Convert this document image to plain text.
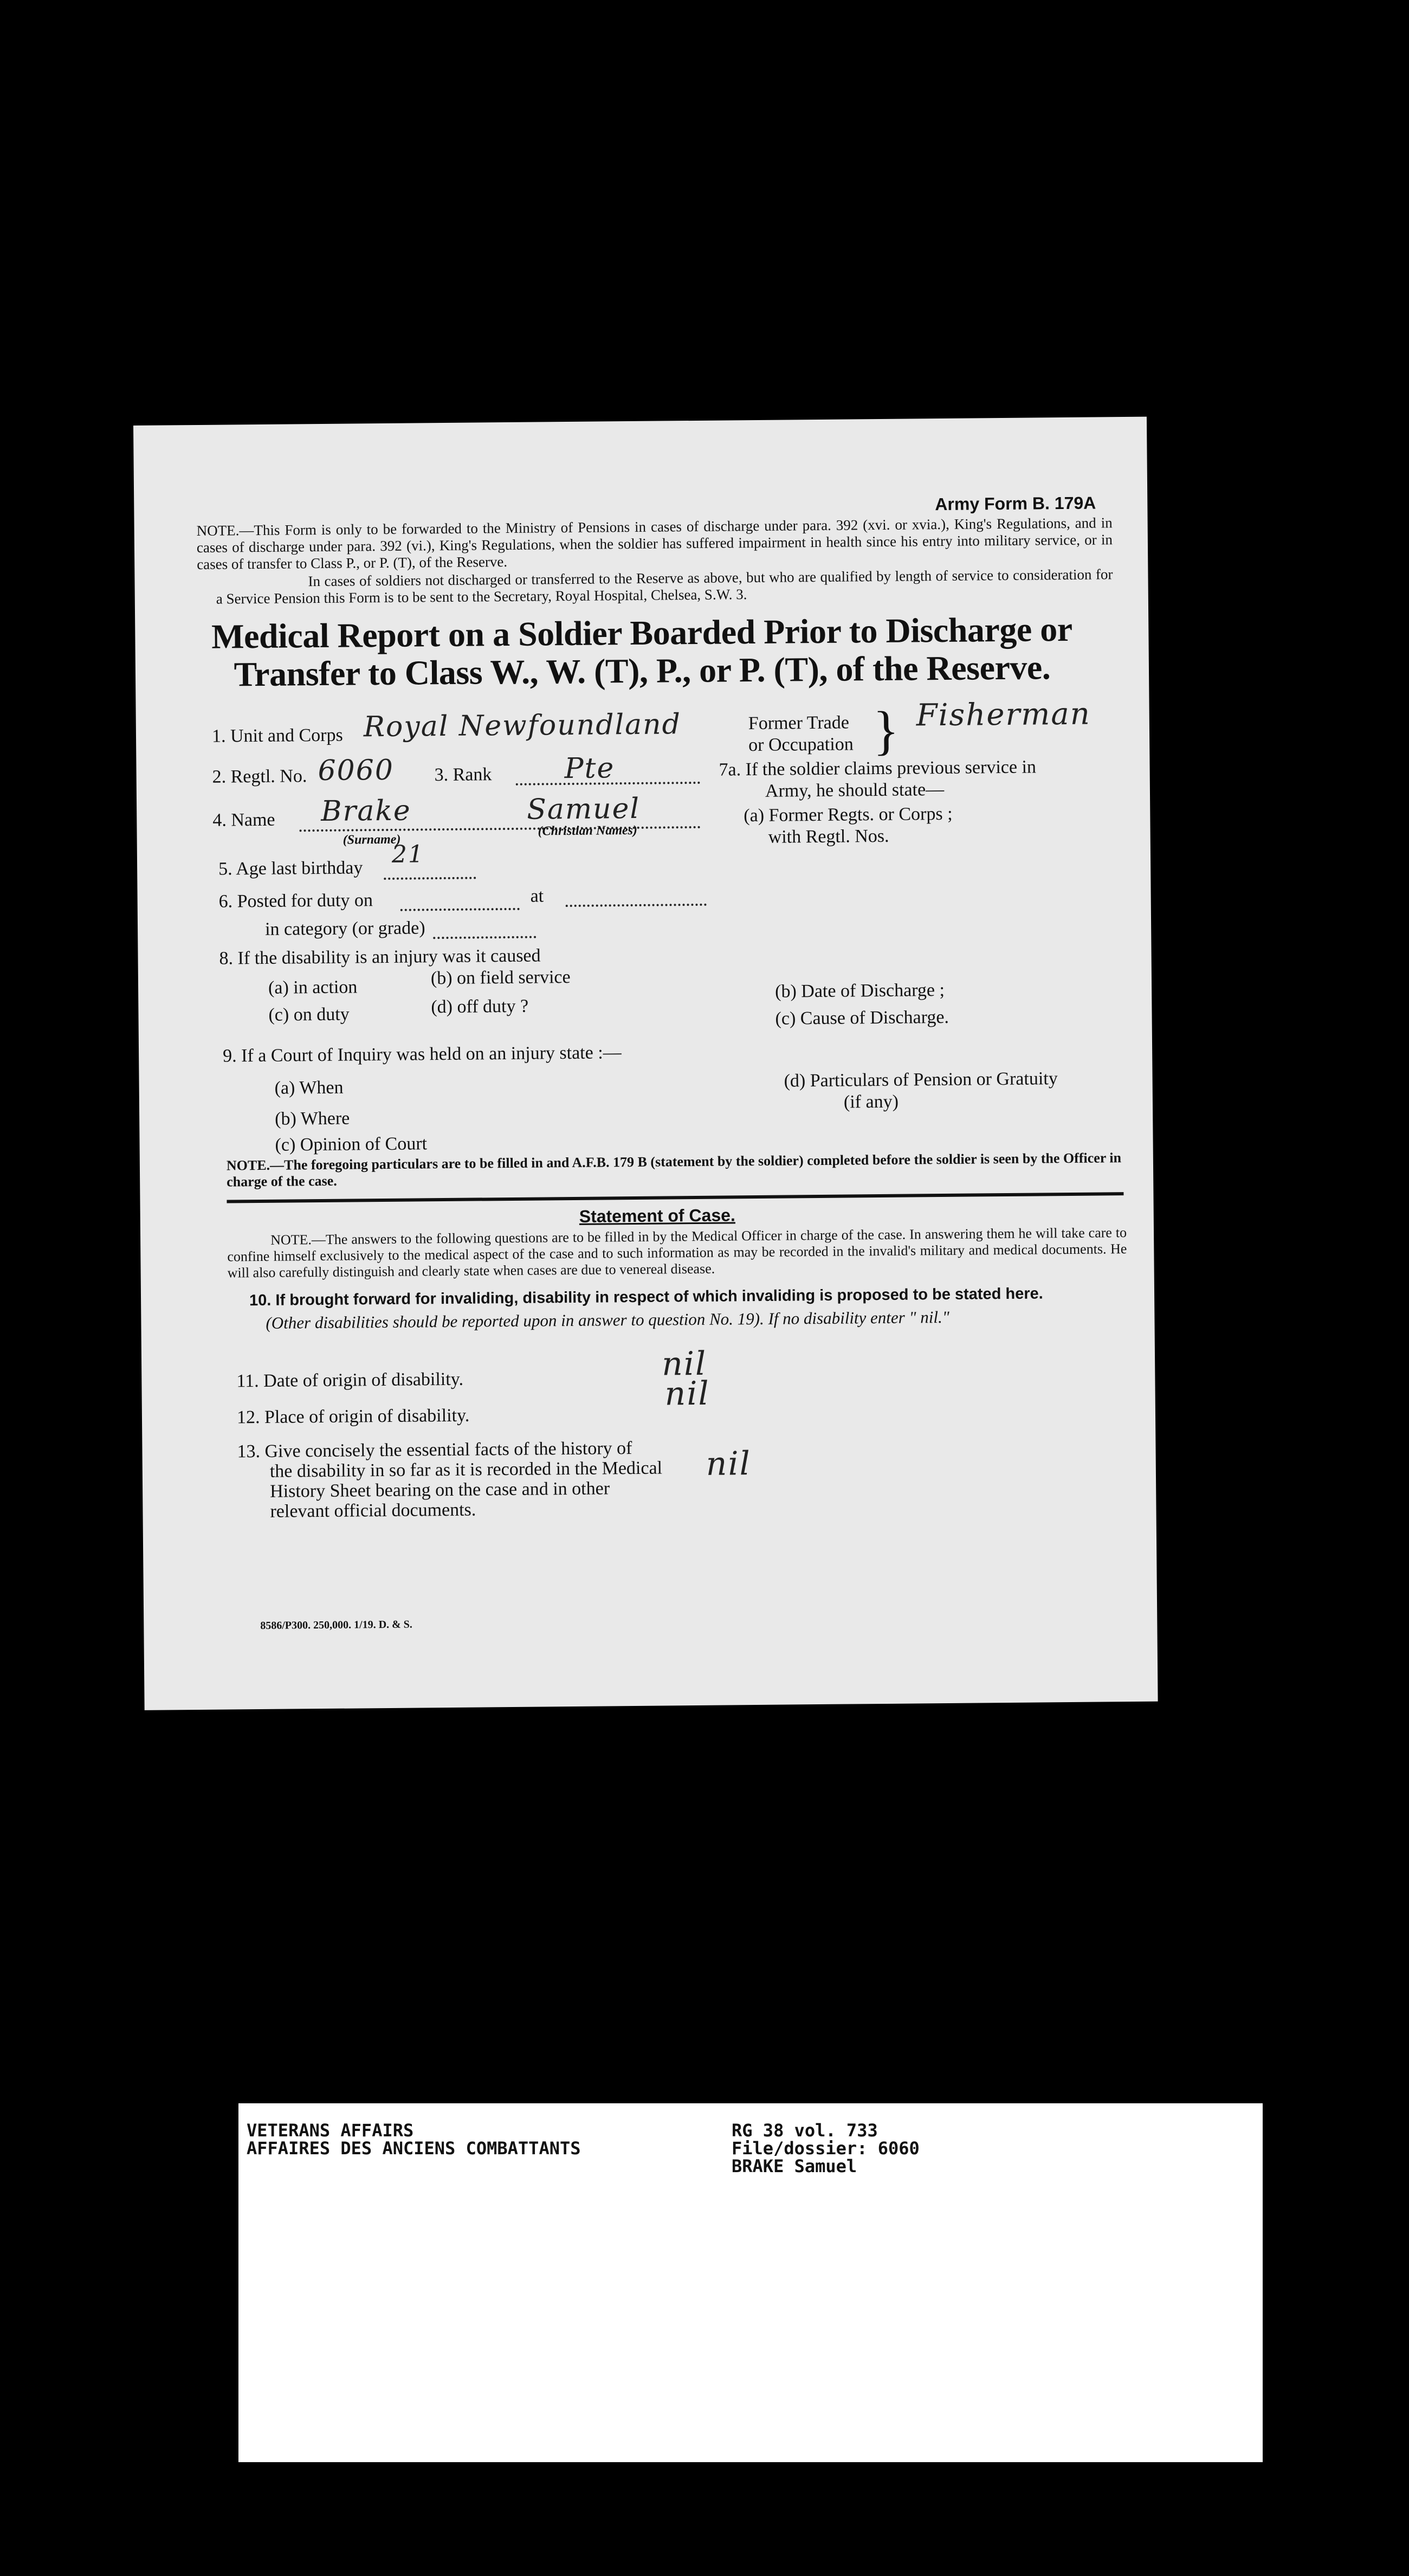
Army Form B. 179A
NOTE.—This Form is only to be forwarded to the Ministry of Pensions in cases of discharge under para. 392 (xvi. or xvia.), King's Regulations, and in cases of discharge under para. 392 (vi.), King's Regulations, when the soldier has suffered impairment in health since his entry into military service, or in cases of transfer to Class P., or P. (T), of the Reserve.
In cases of soldiers not discharged or transferred to the Reserve as above, but who are qualified by length of service to consideration for a Service Pension this Form is to be sent to the Secretary, Royal Hospital, Chelsea, S.W. 3.
Medical Report on a Soldier Boarded Prior to Discharge or
Transfer to Class W., W. (T), P., or P. (T), of the Reserve.
1. Unit and Corps Royal Newfoundland
2. Regtl. No. 6060 3. Rank	Pte
4. Name Brake	Samuel
(Surname)
(Christian Names)
5. Age last birthday
21
6. Posted for duty on	at
in category (or grade)
Former Trade
or Occupation } Fisherman
7a. If the soldier claims previous service in
Army, he should state—
(a) Former Regts. or Corps ;
with Regtl. Nos.
(b) Date of Discharge ;
(c) Cause of Discharge.
(d) Particulars of Pension or Gratuity
(if any)
8. If the disability is an injury was it caused
(a) in action	(b) on field service
(c) on duty	(d) off duty ?
9. If a Court of Inquiry was held on an injury state :—
(a) When
(b) Where
(c) Opinion of Court
NOTE.—The foregoing particulars are to be filled in and A.F.B. 179 B (statement by the soldier) completed before the soldier is seen by the Officer in charge of the case.
Statement of Case.
NOTE.—The answers to the following questions are to be filled in by the Medical Officer in charge of the case. In answering them he will take care to confine himself exclusively to the medical aspect of the case and to such information as may be recorded in the invalid's military and medical documents. He will also carefully distinguish and clearly state when cases are due to venereal disease.
10. If brought forward for invaliding, disability in respect of which invaliding is proposed to be stated here.
(Other disabilities should be reported upon in answer to question No. 19). If no disability enter " nil."
11. Date of origin of disability.	nil
12. Place of origin of disability.
nil
13. Give concisely the essential facts of the history of
the disability in so far as it is recorded in the Medical
History Sheet bearing on the case and in other
relevant official documents.
nil
8586/P300. 250,000. 1/19. D. & S.
VETERANS AFFAIRS
AFFAIRES DES ANCIENS COMBATTANTS
RG 38 vol. 733
File/dossier: 6060
BRAKE Samuel
